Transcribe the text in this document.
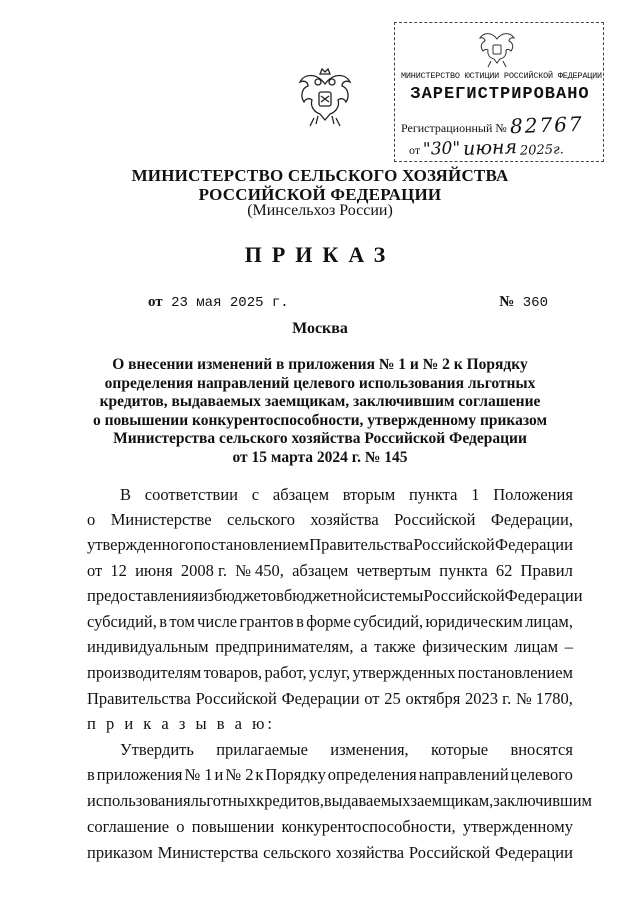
МИНИСТЕРСТВО ЮСТИЦИИ РОССИЙСКОЙ ФЕДЕРАЦИИ
ЗАРЕГИСТРИРОВАНО
Регистрационный № 82767
от "30" июня 2025г.
МИНИСТЕРСТВО СЕЛЬСКОГО ХОЗЯЙСТВА
РОССИЙСКОЙ ФЕДЕРАЦИИ
(Минсельхоз России)
ПРИКАЗ
от 23 мая 2025 г.	№ 360
Москва
О внесении изменений в приложения № 1 и № 2 к Порядку
определения направлений целевого использования льготных
кредитов, выдаваемых заемщикам, заключившим соглашение
о повышении конкурентоспособности, утвержденному приказом
Министерства сельского хозяйства Российской Федерации
от 15 марта 2024 г. № 145
В соответствии с абзацем вторым пункта 1 Положения
о Министерстве сельского хозяйства Российской Федерации,
утвержденного постановлением Правительства Российской Федерации
от 12 июня 2008 г. № 450, абзацем четвертым пункта 62 Правил
предоставления из бюджетов бюджетной системы Российской Федерации
субсидий, в том числе грантов в форме субсидий, юридическим лицам,
индивидуальным предпринимателям, а также физическим лицам –
производителям товаров, работ, услуг, утвержденных постановлением
Правительства Российской Федерации от 25 октября 2023 г. № 1780,
п р и к а з ы в а ю:
Утвердить прилагаемые изменения, которые вносятся
в приложения № 1 и № 2 к Порядку определения направлений целевого
использования льготных кредитов, выдаваемых заемщикам, заключившим
соглашение о повышении конкурентоспособности, утвержденному
приказом Министерства сельского хозяйства Российской Федерации
